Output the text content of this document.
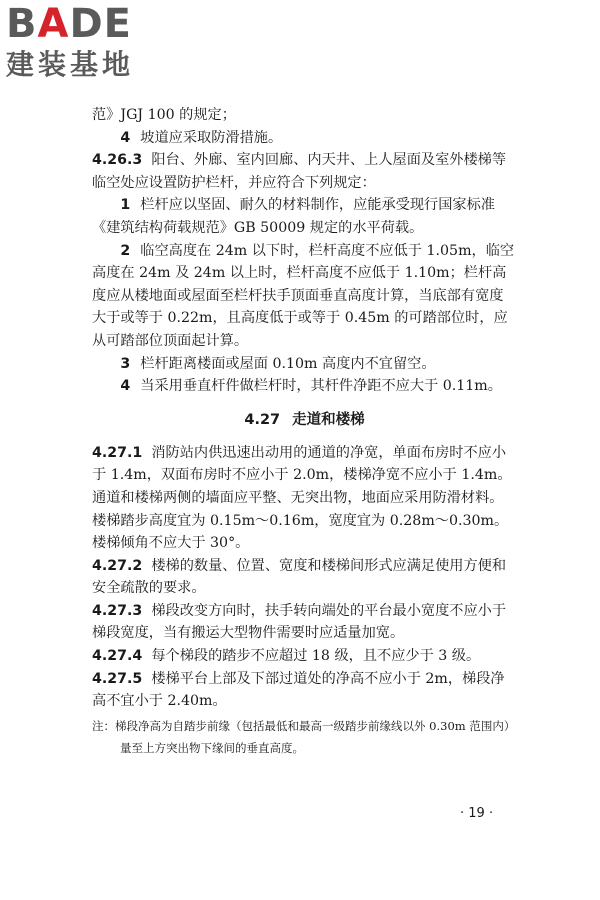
BADE
建装基地

范》JGJ 100 的规定；

4 坡道应采取防滑措施。

4.26.3 阳台、外廊、室内回廊、内天井、上人屋面及室外楼梯等临空处应设置防护栏杆，并应符合下列规定：

1 栏杆应以坚固、耐久的材料制作，应能承受现行国家标准《建筑结构荷载规范》GB 50009 规定的水平荷载。

2 临空高度在 24m 以下时，栏杆高度不应低于 1.05m，临空高度在 24m 及 24m 以上时，栏杆高度不应低于 1.10m；栏杆高度应从楼地面或屋面至栏杆扶手顶面垂直高度计算，当底部有宽度大于或等于 0.22m，且高度低于或等于 0.45m 的可踏部位时，应从可踏部位顶面起计算。

3 栏杆距离楼面或屋面 0.10m 高度内不宜留空。

4 当采用垂直杆件做栏杆时，其杆件净距不应大于 0.11m。

4.27 走道和楼梯

4.27.1 消防站内供迅速出动用的通道的净宽，单面布房时不应小于 1.4m，双面布房时不应小于 2.0m，楼梯净宽不应小于 1.4m。通道和楼梯两侧的墙面应平整、无突出物，地面应采用防滑材料。楼梯踏步高度宜为 0.15m～0.16m，宽度宜为 0.28m～0.30m。楼梯倾角不应大于 30°。

4.27.2 楼梯的数量、位置、宽度和楼梯间形式应满足使用方便和安全疏散的要求。

4.27.3 梯段改变方向时，扶手转向端处的平台最小宽度不应小于梯段宽度，当有搬运大型物件需要时应适量加宽。

4.27.4 每个梯段的踏步不应超过 18 级，且不应少于 3 级。

4.27.5 楼梯平台上部及下部过道处的净高不应小于 2m，梯段净高不宜小于 2.40m。

注：梯段净高为自踏步前缘（包括最低和最高一级踏步前缘线以外 0.30m 范围内）
量至上方突出物下缘间的垂直高度。
· 19 ·
